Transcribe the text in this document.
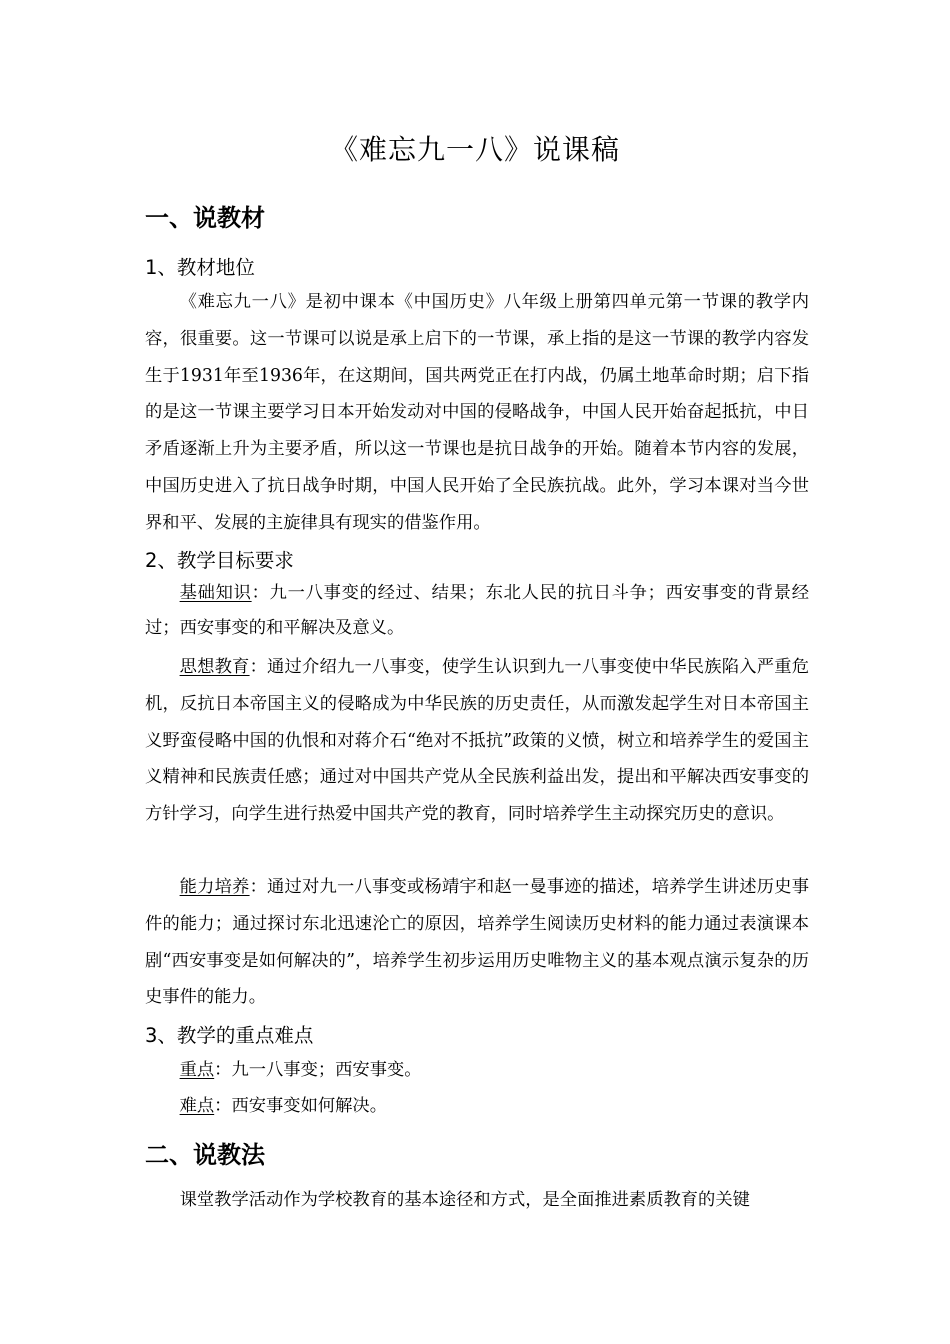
《难忘九一八》说课稿
一、说教材
1、教材地位
《难忘九一八》是初中课本《中国历史》八年级上册第四单元第一节课的教学内容，很重要。这一节课可以说是承上启下的一节课，承上指的是这一节课的教学内容发生于1931年至1936年，在这期间，国共两党正在打内战，仍属土地革命时期；启下指的是这一节课主要学习日本开始发动对中国的侵略战争，中国人民开始奋起抵抗，中日矛盾逐渐上升为主要矛盾，所以这一节课也是抗日战争的开始。随着本节内容的发展，中国历史进入了抗日战争时期，中国人民开始了全民族抗战。此外，学习本课对当今世界和平、发展的主旋律具有现实的借鉴作用。
2、教学目标要求
基础知识：九一八事变的经过、结果；东北人民的抗日斗争；西安事变的背景经过；西安事变的和平解决及意义。
思想教育：通过介绍九一八事变，使学生认识到九一八事变使中华民族陷入严重危机，反抗日本帝国主义的侵略成为中华民族的历史责任，从而激发起学生对日本帝国主义野蛮侵略中国的仇恨和对蒋介石“绝对不抵抗”政策的义愤，树立和培养学生的爱国主义精神和民族责任感；通过对中国共产党从全民族利益出发，提出和平解决西安事变的方针学习，向学生进行热爱中国共产党的教育，同时培养学生主动探究历史的意识。
能力培养：通过对九一八事变或杨靖宇和赵一曼事迹的描述，培养学生讲述历史事件的能力；通过探讨东北迅速沦亡的原因，培养学生阅读历史材料的能力通过表演课本剧“西安事变是如何解决的”，培养学生初步运用历史唯物主义的基本观点演示复杂的历史事件的能力。
3、教学的重点难点
重点：九一八事变；西安事变。
难点：西安事变如何解决。
二、说教法
课堂教学活动作为学校教育的基本途径和方式，是全面推进素质教育的关键
